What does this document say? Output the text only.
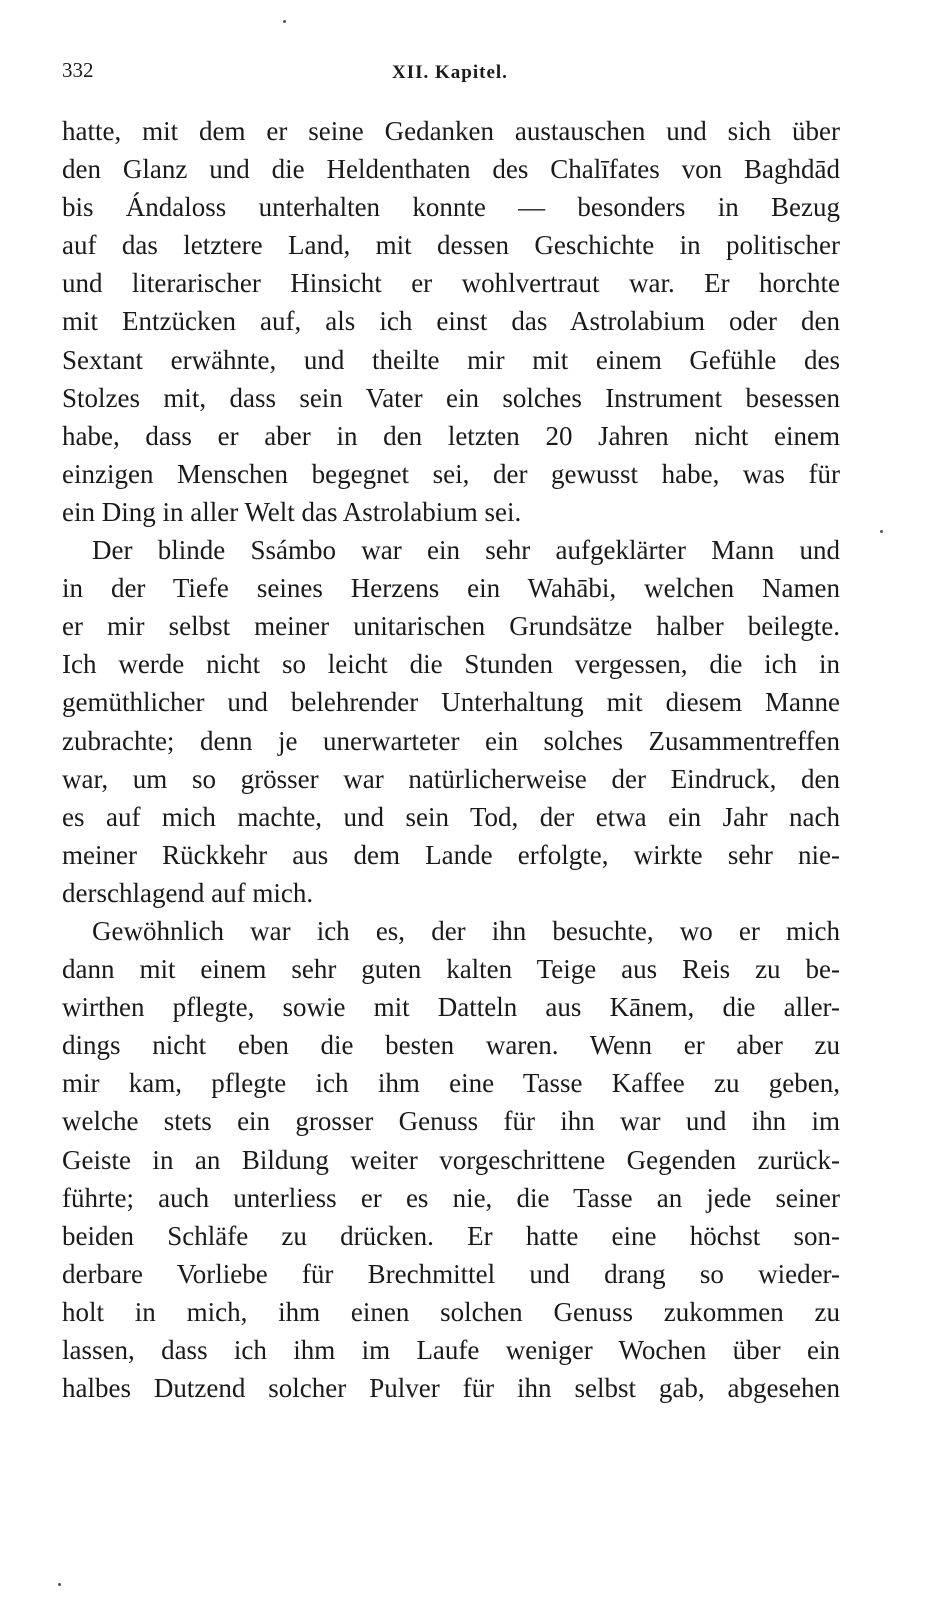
332	XII. Kapitel.

hatte, mit dem er seine Gedanken austauschen und sich über
den Glanz und die Heldenthaten des Chalīfates von Baghdād
bis Ándaloss unterhalten konnte — besonders in Bezug
auf das letztere Land, mit dessen Geschichte in politischer
und literarischer Hinsicht er wohlvertraut war. Er horchte
mit Entzücken auf, als ich einst das Astrolabium oder den
Sextant erwähnte, und theilte mir mit einem Gefühle des
Stolzes mit, dass sein Vater ein solches Instrument besessen
habe, dass er aber in den letzten 20 Jahren nicht einem
einzigen Menschen begegnet sei, der gewusst habe, was für
ein Ding in aller Welt das Astrolabium sei.

Der blinde Ssámbo war ein sehr aufgeklärter Mann und
in der Tiefe seines Herzens ein Wahābi, welchen Namen
er mir selbst meiner unitarischen Grundsätze halber beilegte.
Ich werde nicht so leicht die Stunden vergessen, die ich in
gemüthlicher und belehrender Unterhaltung mit diesem Manne
zubrachte; denn je unerwarteter ein solches Zusammentreffen
war, um so grösser war natürlicherweise der Eindruck, den
es auf mich machte, und sein Tod, der etwa ein Jahr nach
meiner Rückkehr aus dem Lande erfolgte, wirkte sehr nie-
derschlagend auf mich.

Gewöhnlich war ich es, der ihn besuchte, wo er mich
dann mit einem sehr guten kalten Teige aus Reis zu be-
wirthen pflegte, sowie mit Datteln aus Kānem, die aller-
dings nicht eben die besten waren. Wenn er aber zu
mir kam, pflegte ich ihm eine Tasse Kaffee zu geben,
welche stets ein grosser Genuss für ihn war und ihn im
Geiste in an Bildung weiter vorgeschrittene Gegenden zurück-
führte; auch unterliess er es nie, die Tasse an jede seiner
beiden Schläfe zu drücken. Er hatte eine höchst son-
derbare Vorliebe für Brechmittel und drang so wieder-
holt in mich, ihm einen solchen Genuss zukommen zu
lassen, dass ich ihm im Laufe weniger Wochen über ein
halbes Dutzend solcher Pulver für ihn selbst gab, abgesehen
